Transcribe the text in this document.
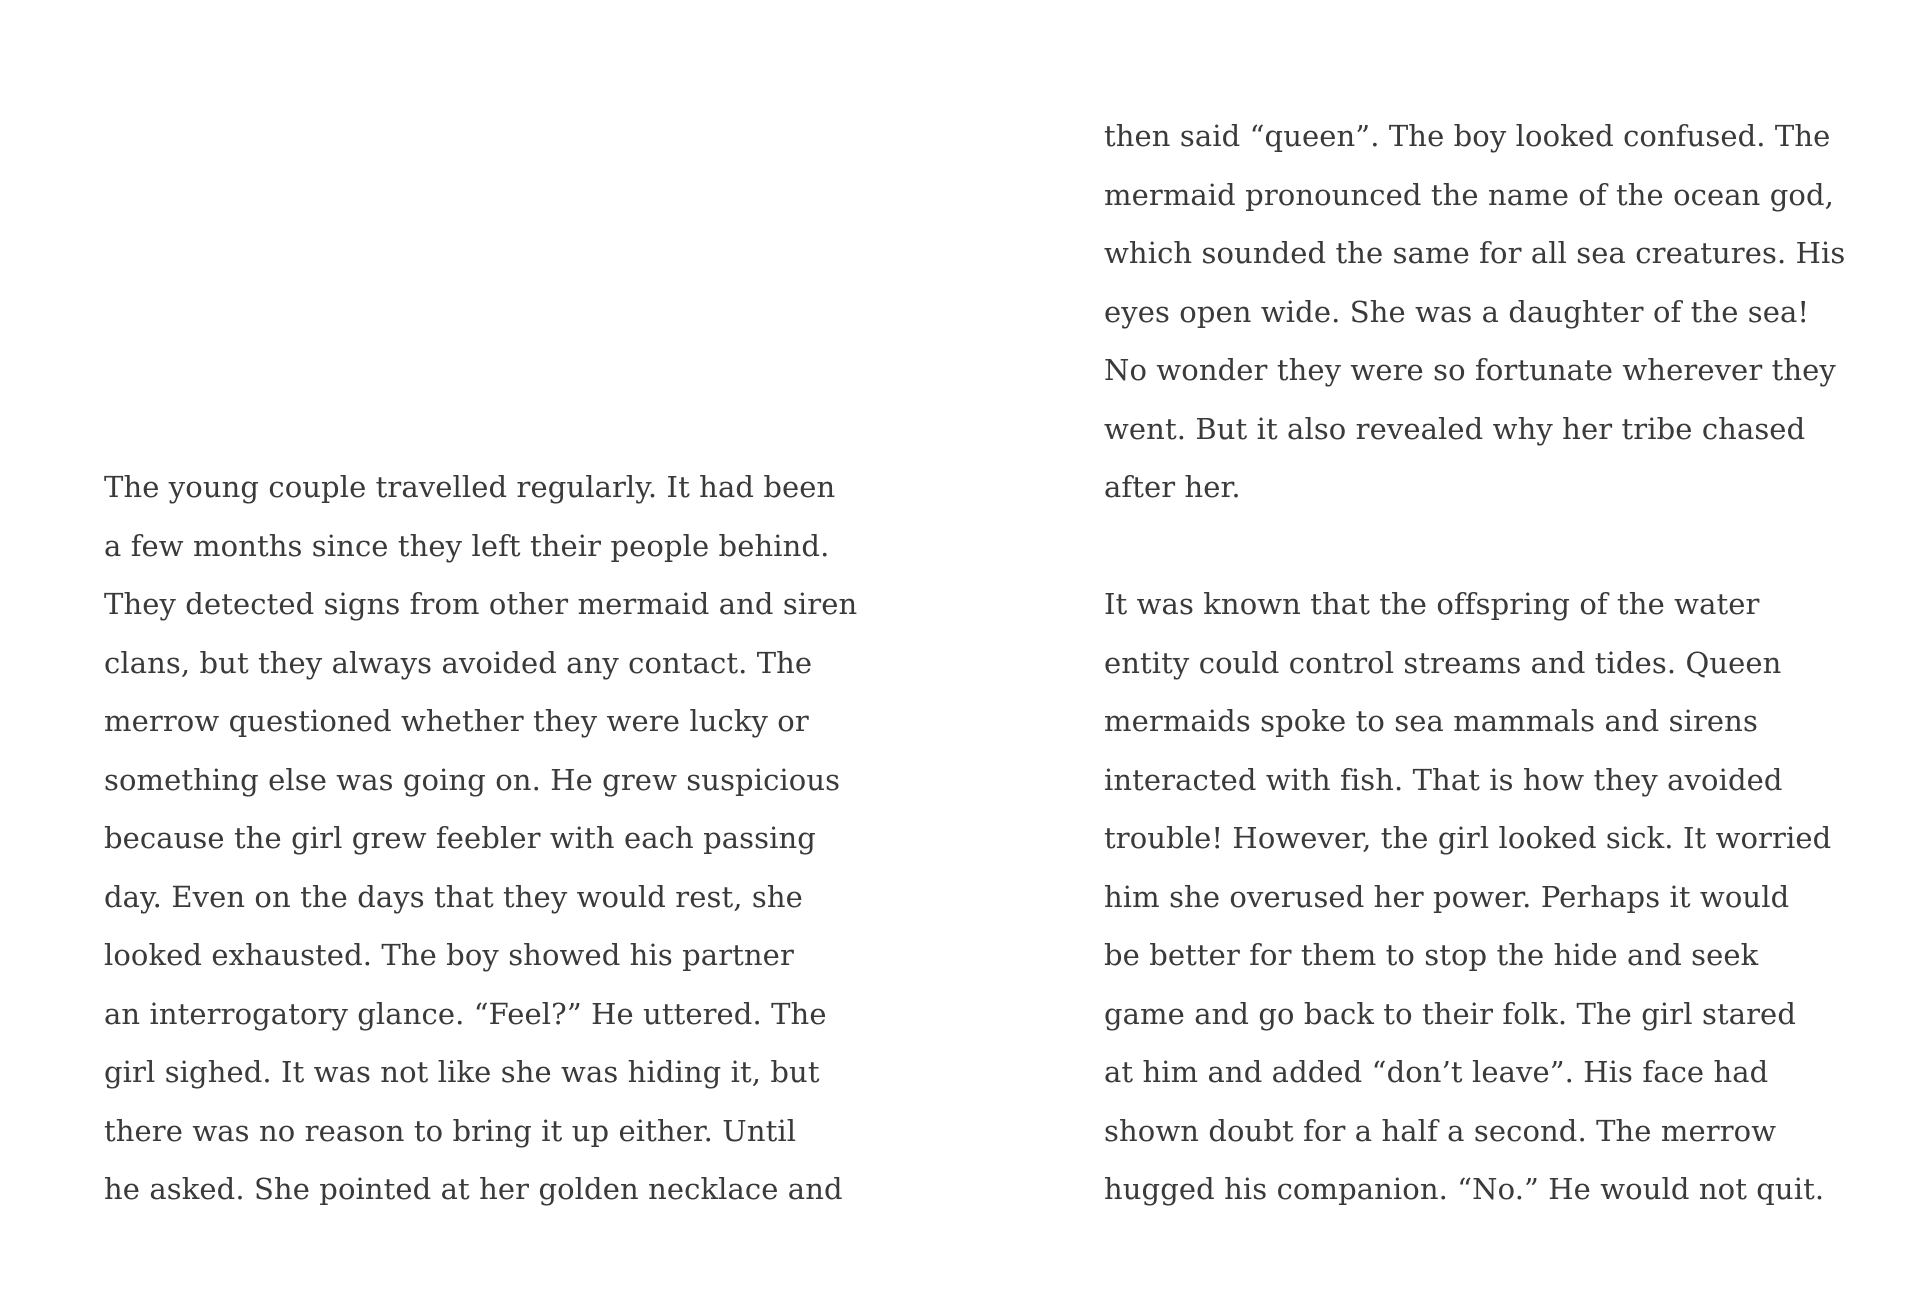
The young couple travelled regularly. It had been
a few months since they left their people behind.
They detected signs from other mermaid and siren
clans, but they always avoided any contact. The
merrow questioned whether they were lucky or
something else was going on. He grew suspicious
because the girl grew feebler with each passing
day. Even on the days that they would rest, she
looked exhausted. The boy showed his partner
an interrogatory glance. “Feel?” He uttered. The
girl sighed. It was not like she was hiding it, but
there was no reason to bring it up either. Until
he asked. She pointed at her golden necklace and
then said “queen”. The boy looked confused. The
mermaid pronounced the name of the ocean god,
which sounded the same for all sea creatures. His
eyes open wide. She was a daughter of the sea!
No wonder they were so fortunate wherever they
went. But it also revealed why her tribe chased
after her.
It was known that the offspring of the water
entity could control streams and tides. Queen
mermaids spoke to sea mammals and sirens
interacted with fish. That is how they avoided
trouble! However, the girl looked sick. It worried
him she overused her power. Perhaps it would
be better for them to stop the hide and seek
game and go back to their folk. The girl stared
at him and added “don’t leave”. His face had
shown doubt for a half a second. The merrow
hugged his companion. “No.” He would not quit.
